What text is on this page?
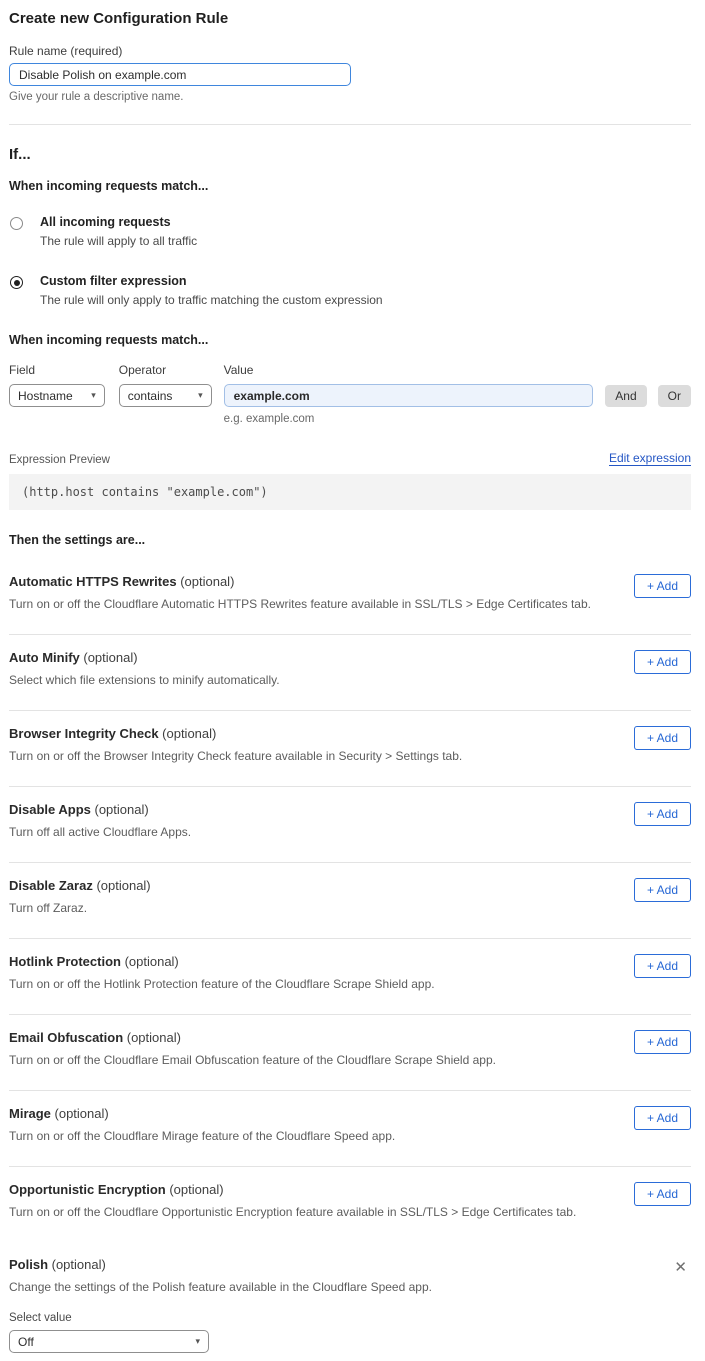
Create new Configuration Rule
Rule name (required)
Disable Polish on example.com
Give your rule a descriptive name.
If...
When incoming requests match...
All incoming requests
The rule will apply to all traffic
Custom filter expression
The rule will only apply to traffic matching the custom expression
When incoming requests match...
Field
Hostname ▾
Operator
contains	▾
Value
example.com
e.g. example.com
And	Or
Expression Preview	Edit expression
(http.host contains "example.com")
Then the settings are...
Automatic HTTPS Rewrites (optional)
Turn on or off the Cloudflare Automatic HTTPS Rewrites feature available in SSL/TLS > Edge Certificates tab.
+ Add
Auto Minify (optional)
Select which file extensions to minify automatically.
+ Add
Browser Integrity Check (optional)
Turn on or off the Browser Integrity Check feature available in Security > Settings tab.
+ Add
Disable Apps (optional)
Turn off all active Cloudflare Apps.
+ Add
Disable Zaraz (optional)
Turn off Zaraz.
+ Add
Hotlink Protection (optional)
Turn on or off the Hotlink Protection feature of the Cloudflare Scrape Shield app.
+ Add
Email Obfuscation (optional)
Turn on or off the Cloudflare Email Obfuscation feature of the Cloudflare Scrape Shield app.
+ Add
Mirage (optional)
Turn on or off the Cloudflare Mirage feature of the Cloudflare Speed app.
+ Add
Opportunistic Encryption (optional)
Turn on or off the Cloudflare Opportunistic Encryption feature available in SSL/TLS > Edge Certificates tab.
+ Add
Polish (optional)	✕
Change the settings of the Polish feature available in the Cloudflare Speed app.
Select value
Off	▾
